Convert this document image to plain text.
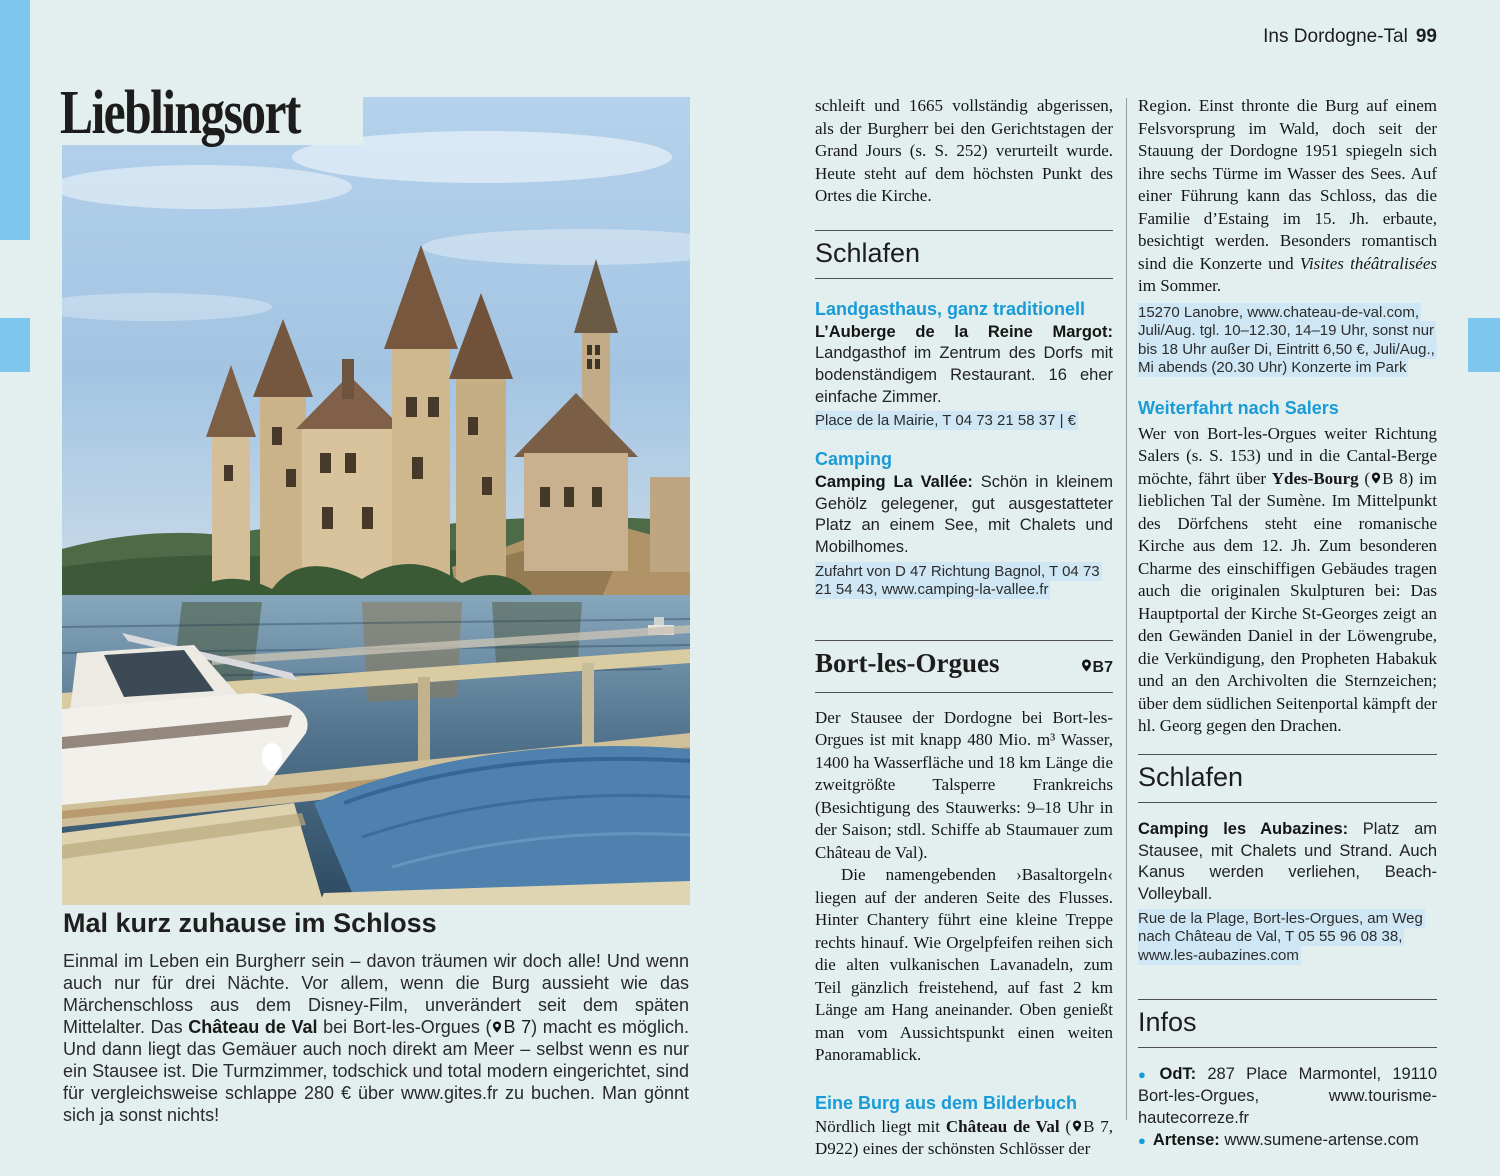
Ins Dordogne-Tal 99
Lieblingsort
Mal kurz zuhause im Schloss
Einmal im Leben ein Burgherr sein – davon träumen wir doch alle! Und wenn auch nur für drei Nächte. Vor allem, wenn die Burg aussieht wie das Märchenschloss aus dem Disney-Film, unverändert seit dem späten Mittelalter. Das Château de Val bei Bort-les-Orgues ( B 7) macht es möglich. Und dann liegt das Gemäuer auch noch direkt am Meer – selbst wenn es nur ein Stausee ist. Die Turmzimmer, todschick und total modern eingerichtet, sind für vergleichsweise schlappe 280 € über www.gites.fr zu buchen. Man gönnt sich ja sonst nichts!

schleift und 1665 vollständig abgerissen, als der Burgherr bei den Gerichtstagen der Grand Jours (s. S. 252) verurteilt wurde. Heute steht auf dem höchsten Punkt des Ortes die Kirche.

Schlafen

Landgasthaus, ganz traditionell

L’Auberge de la Reine Margot: Landgasthof im Zentrum des Dorfs mit bodenständigem Restaurant. 16 eher einfache Zimmer.

Place de la Mairie, T 04 73 21 58 37 | €

Camping

Camping La Vallée: Schön in kleinem Gehölz gelegener, gut ausgestatteter Platz an einem See, mit Chalets und Mobilhomes.

Zufahrt von D 47 Richtung Bagnol, T 04 73 21 54 43, www.camping-la-vallee.fr

Bort-les-Orgues	B7

Der Stausee der Dordogne bei Bort-les-Orgues ist mit knapp 480 Mio. m³ Wasser, 1400 ha Wasserfläche und 18 km Länge die zweitgrößte Talsperre Frankreichs (Besichtigung des Stauwerks: 9–18 Uhr in der Saison; stdl. Schiffe ab Staumauer zum Château de Val).

Die namengebenden ›Basaltorgeln‹ liegen auf der anderen Seite des Flusses. Hinter Chantery führt eine kleine Treppe rechts hinauf. Wie Orgelpfeifen reihen sich die alten vulkanischen Lavanadeln, zum Teil gänzlich freistehend, auf fast 2 km Länge am Hang aneinander. Oben genießt man vom Aussichtspunkt einen weiten Panoramablick.

Eine Burg aus dem Bilderbuch

Nördlich liegt mit Château de Val ( B 7, D922) eines der schönsten Schlösser der

Region. Einst thronte die Burg auf einem Felsvorsprung im Wald, doch seit der Stauung der Dordogne 1951 spiegeln sich ihre sechs Türme im Wasser des Sees. Auf einer Führung kann das Schloss, das die Familie d’Estaing im 15. Jh. erbaute, besichtigt werden. Besonders romantisch sind die Konzerte und Visites théâtralisées im Sommer.

15270 Lanobre, www.chateau-de-val.com, Juli/Aug. tgl. 10–12.30, 14–19 Uhr, sonst nur bis 18 Uhr außer Di, Eintritt 6,50 €, Juli/Aug., Mi abends (20.30 Uhr) Konzerte im Park

Weiterfahrt nach Salers

Wer von Bort-les-Orgues weiter Richtung Salers (s. S. 153) und in die Cantal-Berge möchte, fährt über Ydes-Bourg ( B 8) im lieblichen Tal der Sumène. Im Mittelpunkt des Dörfchens steht eine romanische Kirche aus dem 12. Jh. Zum besonderen Charme des einschiffigen Gebäudes tragen auch die originalen Skulpturen bei: Das Hauptportal der Kirche St-Georges zeigt an den Gewänden Daniel in der Löwengrube, die Verkündigung, den Propheten Habakuk und an den Archivolten die Sternzeichen; über dem südlichen Seitenportal kämpft der hl. Georg gegen den Drachen.

Schlafen

Camping les Aubazines: Platz am Stausee, mit Chalets und Strand. Auch Kanus werden verliehen, Beach-Volleyball.

Rue de la Plage, Bort-les-Orgues, am Weg nach Château de Val, T 05 55 96 08 38, www.les-aubazines.com

Infos
● OdT: 287 Place Marmontel, 19110 Bort-les-Orgues, www.tourisme-hautecorreze.fr
● Artense: www.sumene-artense.com
